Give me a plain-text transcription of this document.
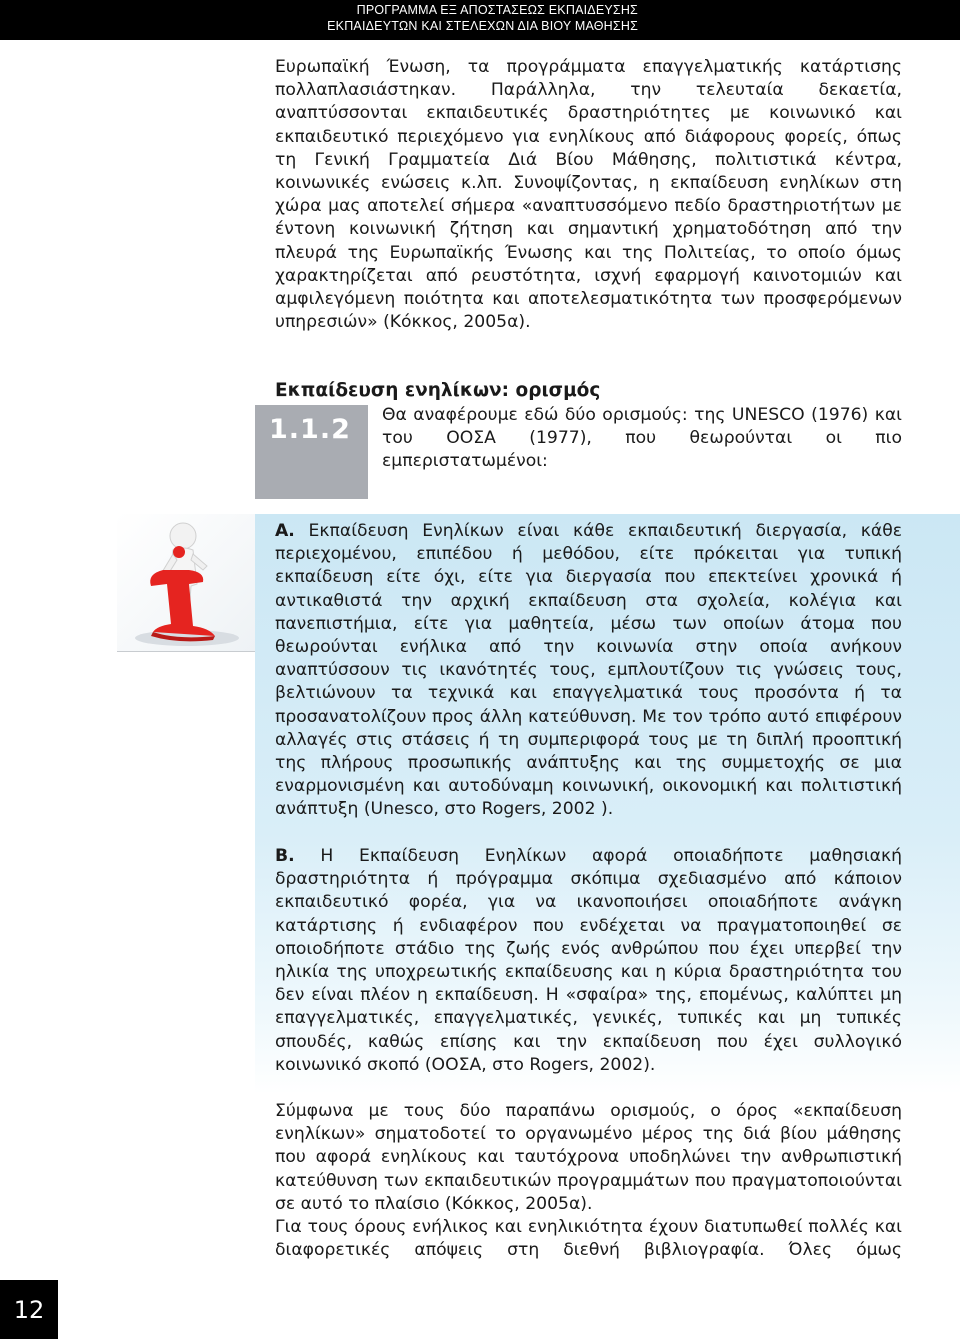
ΠΡΟΓΡΑΜΜΑ ΕΞ ΑΠΟΣΤΑΣΕΩΣ ΕΚΠΑΙΔΕΥΣΗΣ
ΕΚΠΑΙΔΕΥΤΩΝ ΚΑΙ ΣΤΕΛΕΧΩΝ ΔΙΑ ΒΙΟΥ ΜΑΘΗΣΗΣ

Ευρωπαϊκή Ένωση, τα προγράμματα επαγγελματικής κατάρτισης πολλαπλασιάστηκαν. Παράλληλα, την τελευταία δεκαετία, αναπτύσσονται εκπαιδευτικές δραστηριότητες με κοινωνικό και εκπαιδευτικό περιεχόμενο για ενηλίκους από διάφορους φορείς, όπως τη Γενική Γραμματεία Διά Βίου Μάθησης, πολιτιστικά κέντρα, κοινωνικές ενώσεις κ.λπ. Συνοψίζοντας, η εκπαίδευση ενηλίκων στη χώρα μας αποτελεί σήμερα «αναπτυσσόμενο πεδίο δραστηριοτήτων με έντονη κοινωνική ζήτηση και σημαντική χρηματοδότηση από την πλευρά της Ευρωπαϊκής Ένωσης και της Πολιτείας, το οποίο όμως χαρακτηρίζεται από ρευστότητα, ισχνή εφαρμογή καινοτομιών και αμφιλεγόμενη ποιότητα και αποτελεσματικότητα των προσφερόμενων υπηρεσιών» (Κόκκος, 2005α).

Εκπαίδευση ενηλίκων: ορισμός
1.1.2 Θα αναφέρουμε εδώ δύο ορισμούς: της UNESCO (1976) και του ΟΟΣΑ (1977), που θεωρούνται οι πιο εμπεριστατωμένοι:

Α. Εκπαίδευση Ενηλίκων είναι κάθε εκπαιδευτική διεργασία, κάθε περιεχομένου, επιπέδου ή μεθόδου, είτε πρόκειται για τυπική εκπαίδευση είτε όχι, είτε για διεργασία που επεκτείνει χρονικά ή αντικαθιστά την αρχική εκπαίδευση στα σχολεία, κολέγια και πανεπιστήμια, είτε για μαθητεία, μέσω των οποίων άτομα που θεωρούνται ενήλικα από την κοινωνία στην οποία ανήκουν αναπτύσσουν τις ικανότητές τους, εμπλουτίζουν τις γνώσεις τους, βελτιώνουν τα τεχνικά και επαγγελματικά τους προσόντα ή τα προσανατολίζουν προς άλλη κατεύθυνση. Με τον τρόπο αυτό επιφέρουν αλλαγές στις στάσεις ή τη συμπεριφορά τους με τη διπλή προοπτική της πλήρους προσωπικής ανάπτυξης και της συμμετοχής σε μια εναρμονισμένη και αυτοδύναμη κοινωνική, οικονομική και πολιτιστική ανάπτυξη (Unesco, στο Rogers, 2002 ).

Β. Η Εκπαίδευση Ενηλίκων αφορά οποιαδήποτε μαθησιακή δραστηριότητα ή πρόγραμμα σκόπιμα σχεδιασμένο από κάποιον εκπαιδευτικό φορέα, για να ικανοποιήσει οποιαδήποτε ανάγκη κατάρτισης ή ενδιαφέρον που ενδέχεται να πραγματοποιηθεί σε οποιοδήποτε στάδιο της ζωής ενός ανθρώπου που έχει υπερβεί την ηλικία της υποχρεωτικής εκπαίδευσης και η κύρια δραστηριότητα του δεν είναι πλέον η εκπαίδευση. Η «σφαίρα» της, επομένως, καλύπτει μη επαγγελματικές, επαγγελματικές, γενικές, τυπικές και μη τυπικές σπουδές, καθώς επίσης και την εκπαίδευση που έχει συλλογικό κοινωνικό σκοπό (ΟΟΣΑ, στο Rogers, 2002).

Σύμφωνα με τους δύο παραπάνω ορισμούς, ο όρος «εκπαίδευση ενηλίκων» σηματοδοτεί το οργανωμένο μέρος της διά βίου μάθησης που αφορά ενηλίκους και ταυτόχρονα υποδηλώνει την ανθρωπιστική κατεύθυνση των εκπαιδευτικών προγραμμάτων που πραγματοποιούνται σε αυτό το πλαίσιο (Κόκκος, 2005α).

Για τους όρους ενήλικος και ενηλικιότητα έχουν διατυπωθεί πολλές και διαφορετικές απόψεις στη διεθνή βιβλιογραφία. Όλες όμως

12
